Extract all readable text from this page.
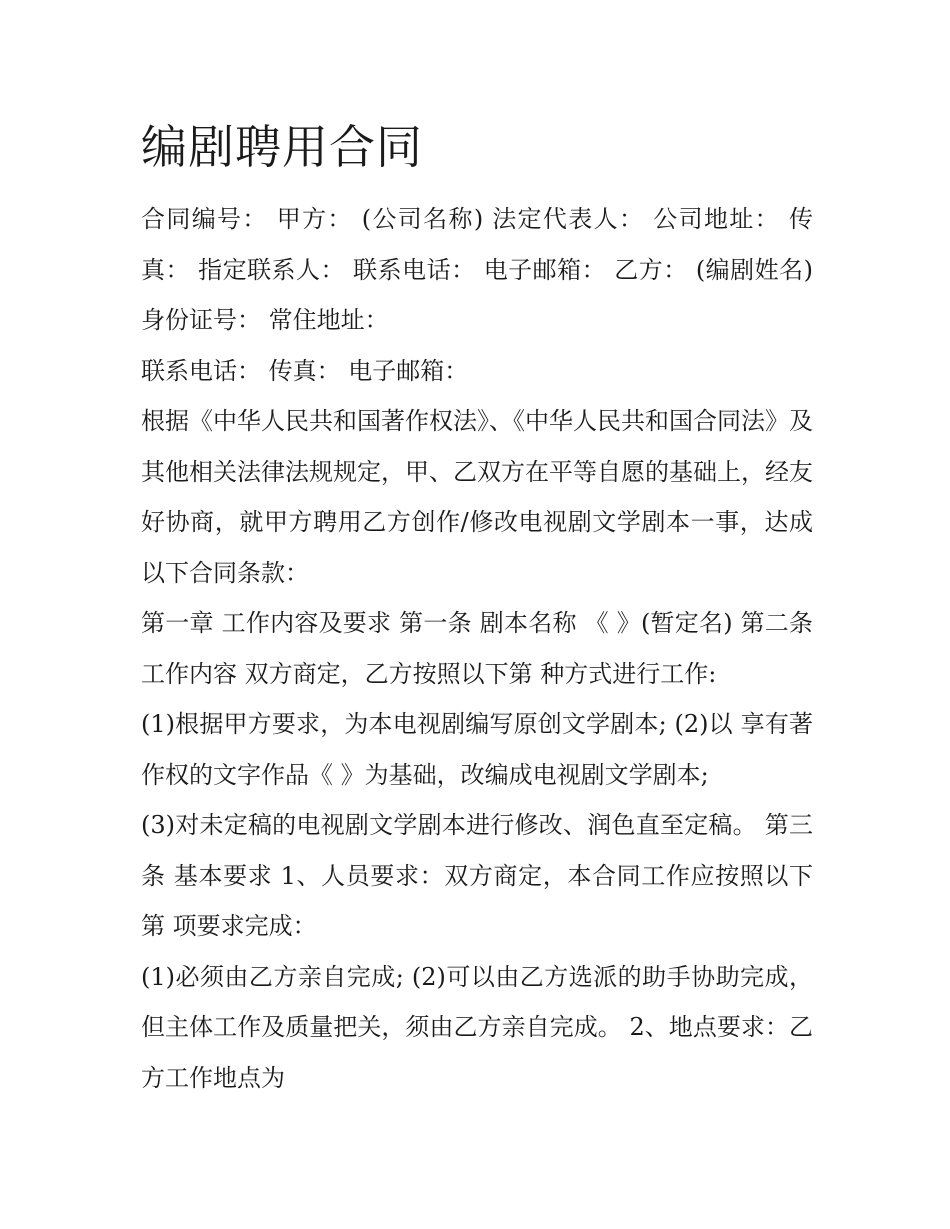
编剧聘用合同

合同编号： 甲方： (公司名称) 法定代表人： 公司地址： 传真： 指定联系人： 联系电话： 电子邮箱： 乙方： (编剧姓名) 身份证号： 常住地址：

联系电话： 传真： 电子邮箱：

根据《中华人民共和国著作权法》、《中华人民共和国合同法》及其他相关法律法规规定，甲、乙双方在平等自愿的基础上，经友好协商，就甲方聘用乙方创作/修改电视剧文学剧本一事，达成以下合同条款：

第一章 工作内容及要求 第一条 剧本名称 《 》(暂定名) 第二条 工作内容 双方商定，乙方按照以下第 种方式进行工作:

(1)根据甲方要求，为本电视剧编写原创文学剧本; (2)以 享有著作权的文字作品《 》为基础，改编成电视剧文学剧本;

(3)对未定稿的电视剧文学剧本进行修改、润色直至定稿。 第三条 基本要求 1、人员要求：双方商定，本合同工作应按照以下第 项要求完成：

(1)必须由乙方亲自完成; (2)可以由乙方选派的助手协助完成，但主体工作及质量把关，须由乙方亲自完成。 2、地点要求：乙方工作地点为
